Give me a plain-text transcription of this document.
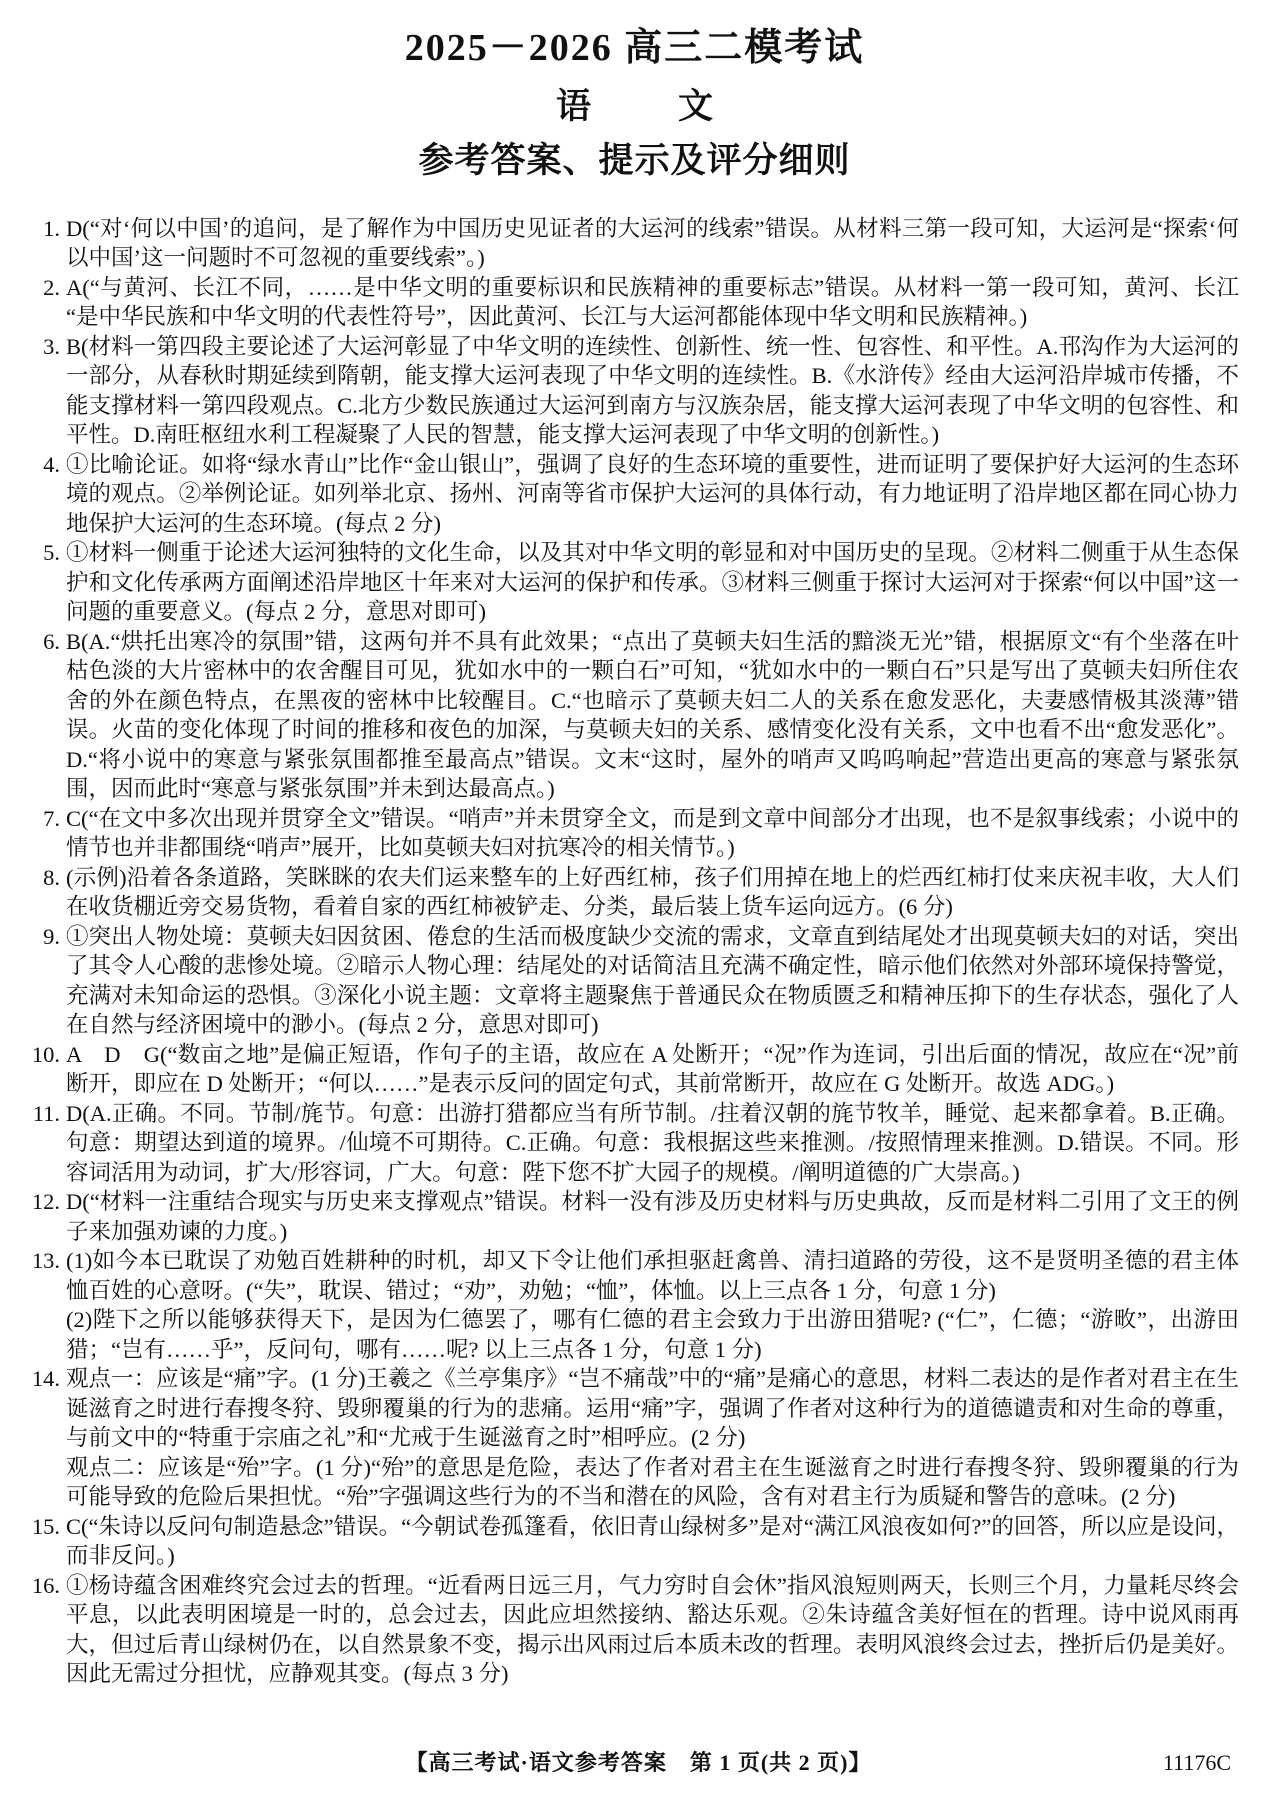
2025－2026 高三二模考试
语　文
参考答案、提示及评分细则
1. D(“对‘何以中国’的追问，是了解作为中国历史见证者的大运河的线索”错误。从材料三第一段可知，大运河是“探索‘何以中国’这一问题时不可忽视的重要线索”。)

2. A(“与黄河、长江不同，……是中华文明的重要标识和民族精神的重要标志”错误。从材料一第一段可知，黄河、长江“是中华民族和中华文明的代表性符号”，因此黄河、长江与大运河都能体现中华文明和民族精神。)

3. B(材料一第四段主要论述了大运河彰显了中华文明的连续性、创新性、统一性、包容性、和平性。A.邗沟作为大运河的一部分，从春秋时期延续到隋朝，能支撑大运河表现了中华文明的连续性。B.《水浒传》经由大运河沿岸城市传播，不能支撑材料一第四段观点。C.北方少数民族通过大运河到南方与汉族杂居，能支撑大运河表现了中华文明的包容性、和平性。D.南旺枢纽水利工程凝聚了人民的智慧，能支撑大运河表现了中华文明的创新性。)

4. ①比喻论证。如将“绿水青山”比作“金山银山”，强调了良好的生态环境的重要性，进而证明了要保护好大运河的生态环境的观点。②举例论证。如列举北京、扬州、河南等省市保护大运河的具体行动，有力地证明了沿岸地区都在同心协力地保护大运河的生态环境。(每点 2 分)

5. ①材料一侧重于论述大运河独特的文化生命，以及其对中华文明的彰显和对中国历史的呈现。②材料二侧重于从生态保护和文化传承两方面阐述沿岸地区十年来对大运河的保护和传承。③材料三侧重于探讨大运河对于探索“何以中国”这一问题的重要意义。(每点 2 分，意思对即可)

6. B(A.“烘托出寒冷的氛围”错，这两句并不具有此效果；“点出了莫顿夫妇生活的黯淡无光”错，根据原文“有个坐落在叶枯色淡的大片密林中的农舍醒目可见，犹如水中的一颗白石”可知，“犹如水中的一颗白石”只是写出了莫顿夫妇所住农舍的外在颜色特点，在黑夜的密林中比较醒目。C.“也暗示了莫顿夫妇二人的关系在愈发恶化，夫妻感情极其淡薄”错误。火苗的变化体现了时间的推移和夜色的加深，与莫顿夫妇的关系、感情变化没有关系，文中也看不出“愈发恶化”。D.“将小说中的寒意与紧张氛围都推至最高点”错误。文末“这时，屋外的哨声又呜呜响起”营造出更高的寒意与紧张氛围，因而此时“寒意与紧张氛围”并未到达最高点。)

7. C(“在文中多次出现并贯穿全文”错误。“哨声”并未贯穿全文，而是到文章中间部分才出现，也不是叙事线索；小说中的情节也并非都围绕“哨声”展开，比如莫顿夫妇对抗寒冷的相关情节。)

8. (示例)沿着各条道路，笑眯眯的农夫们运来整车的上好西红柿，孩子们用掉在地上的烂西红柿打仗来庆祝丰收，大人们在收货棚近旁交易货物，看着自家的西红柿被铲走、分类，最后装上货车运向远方。(6 分)

9. ①突出人物处境：莫顿夫妇因贫困、倦怠的生活而极度缺少交流的需求，文章直到结尾处才出现莫顿夫妇的对话，突出了其令人心酸的悲惨处境。②暗示人物心理：结尾处的对话简洁且充满不确定性，暗示他们依然对外部环境保持警觉，充满对未知命运的恐惧。③深化小说主题：文章将主题聚焦于普通民众在物质匮乏和精神压抑下的生存状态，强化了人在自然与经济困境中的渺小。(每点 2 分，意思对即可)

10. A　D　G(“数亩之地”是偏正短语，作句子的主语，故应在 A 处断开；“况”作为连词，引出后面的情况，故应在“况”前断开，即应在 D 处断开；“何以……”是表示反问的固定句式，其前常断开，故应在 G 处断开。故选 ADG。)

11. D(A.正确。不同。节制/旄节。句意：出游打猎都应当有所节制。/拄着汉朝的旄节牧羊，睡觉、起来都拿着。B.正确。句意：期望达到道的境界。/仙境不可期待。C.正确。句意：我根据这些来推测。/按照情理来推测。D.错误。不同。形容词活用为动词，扩大/形容词，广大。句意：陛下您不扩大园子的规模。/阐明道德的广大崇高。)

12. D(“材料一注重结合现实与历史来支撑观点”错误。材料一没有涉及历史材料与历史典故，反而是材料二引用了文王的例子来加强劝谏的力度。)

13. (1)如今本已耽误了劝勉百姓耕种的时机，却又下令让他们承担驱赶禽兽、清扫道路的劳役，这不是贤明圣德的君主体恤百姓的心意呀。(“失”，耽误、错过；“劝”，劝勉；“恤”，体恤。以上三点各 1 分，句意 1 分)

(2)陛下之所以能够获得天下，是因为仁德罢了，哪有仁德的君主会致力于出游田猎呢? (“仁”，仁德；“游畋”，出游田猎；“岂有……乎”，反问句，哪有……呢? 以上三点各 1 分，句意 1 分)

14. 观点一：应该是“痛”字。(1 分)王羲之《兰亭集序》“岂不痛哉”中的“痛”是痛心的意思，材料二表达的是作者对君主在生诞滋育之时进行春搜冬狩、毁卵覆巢的行为的悲痛。运用“痛”字，强调了作者对这种行为的道德谴责和对生命的尊重，与前文中的“特重于宗庙之礼”和“尤戒于生诞滋育之时”相呼应。(2 分)

观点二：应该是“殆”字。(1 分)“殆”的意思是危险，表达了作者对君主在生诞滋育之时进行春搜冬狩、毁卵覆巢的行为可能导致的危险后果担忧。“殆”字强调这些行为的不当和潜在的风险，含有对君主行为质疑和警告的意味。(2 分)

15. C(“朱诗以反问句制造悬念”错误。“今朝试卷孤篷看，依旧青山绿树多”是对“满江风浪夜如何?”的回答，所以应是设问，而非反问。)

16. ①杨诗蕴含困难终究会过去的哲理。“近看两日远三月，气力穷时自会休”指风浪短则两天，长则三个月，力量耗尽终会平息，以此表明困境是一时的，总会过去，因此应坦然接纳、豁达乐观。②朱诗蕴含美好恒在的哲理。诗中说风雨再大，但过后青山绿树仍在，以自然景象不变，揭示出风雨过后本质未改的哲理。表明风浪终会过去，挫折后仍是美好。因此无需过分担忧，应静观其变。(每点 3 分)

【高三考试·语文参考答案　第 1 页(共 2 页)】	11176C
